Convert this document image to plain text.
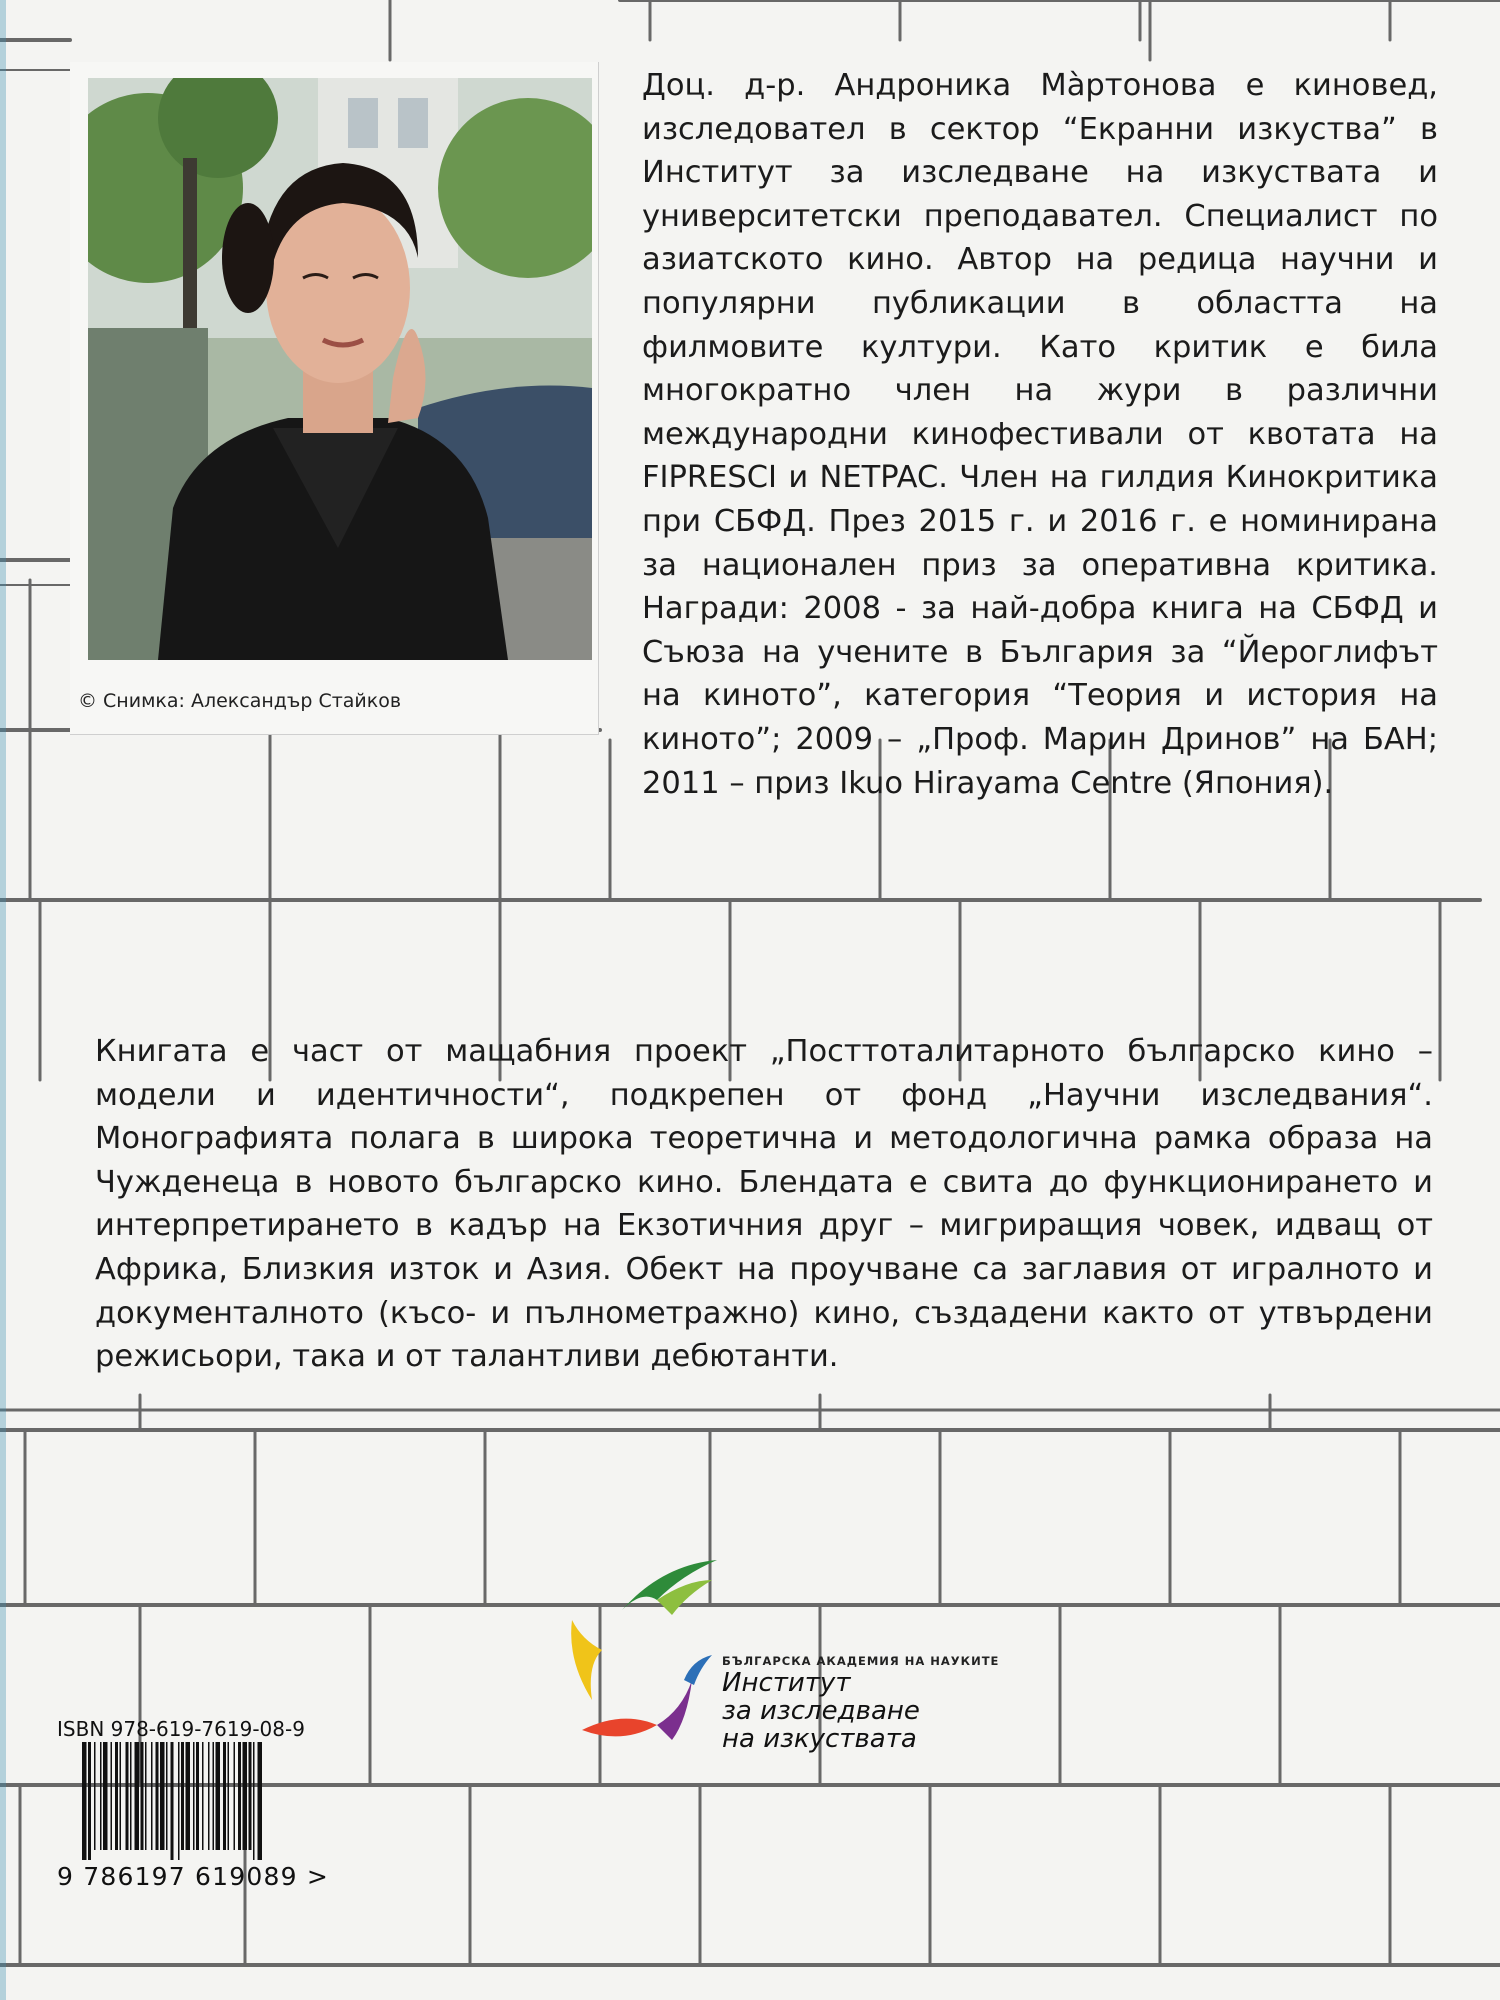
© Снимка: Александър Стайков
Доц. д-р. Андроника Мàртонова е киновед, изследовател в сектор “Екранни изкуства” в Институт за изследване на изкуствата и университетски преподавател. Специалист по азиатското кино. Автор на редица научни и популярни публикации в областта на филмовите култури. Като критик е била многократно член на жури в различни международни кинофестивали от квотата на FIPRESCI и NETPAC. Член на гилдия Кинокритика при СБФД. През 2015 г. и 2016 г. е номинирана за национален приз за оперативна критика. Награди: 2008 - за най-добра книга на СБФД и Съюза на учените в България за “Йероглифът на киното”, категория “Теория и история на киното”; 2009 – „Проф. Марин Дринов” на БАН; 2011 – приз Ikuo Hirayama Centre (Япония).
Книгата е част от мащабния проект „Посттоталитарното българско кино – модели и идентичности“, подкрепен от фонд „Научни изследвания“. Монографията полага в широка теоретична и методологична рамка образа на Чужденеца в новото българско кино. Блендата е свита до функционирането и интерпретирането в кадър на Екзотичния друг – мигриращия човек, идващ от Африка, Близкия изток и Азия. Обект на проучване са заглавия от игралното и документалното (късо- и пълнометражно) кино, създадени както от утвърдени режисьори, така и от талантливи дебютанти.
БЪЛГАРСКА АКАДЕМИЯ НА НАУКИТЕ
Институт
за изследване
на изкуствата
ISBN 978-619-7619-08-9
9 786197 619089 >
